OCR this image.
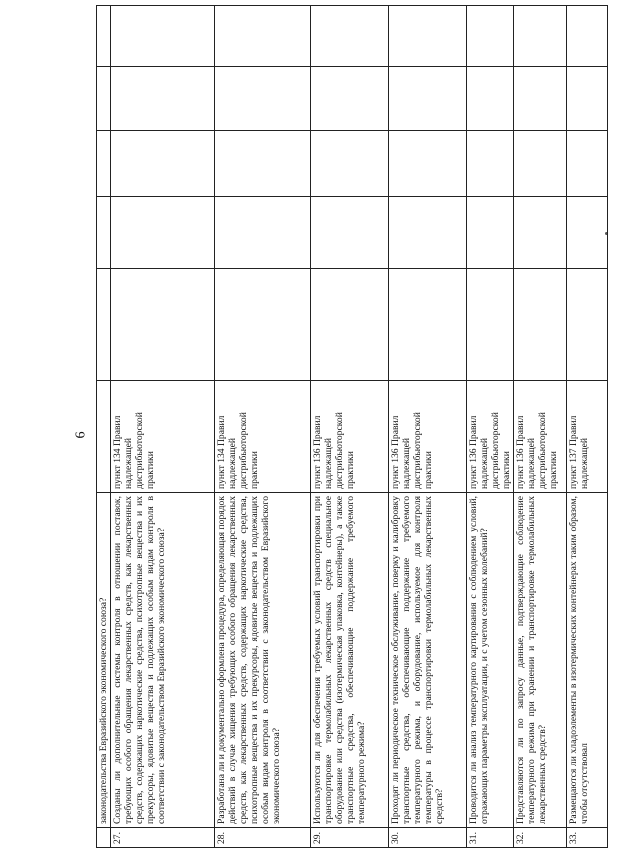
6
	законодательства Евразийского экономического союза?						
27.	Созданы ли дополнительные системы контроля в отношении поставок, требующих особого обращения лекарственных средств, как лекарственных средств, содержащих наркотические средства, психотропные вещества и их прекурсоры, ядовитые вещества и подлежащих особым видам контроля в соответствии с законодательством Евразийского экономического союза?	пункт 134 Правил надлежащей дистрибьюторской практики					
28.	Разработана ли и документально оформлена процедура, определяющая порядок действий в случае хищения требующих особого обращения лекарственных средств, как лекарственных средств, содержащих наркотические средства, психотропные вещества и их прекурсоры, ядовитые вещества и подлежащих особым видам контроля в соответствии с законодательством Евразийского экономического союза?	пункт 134 Правил надлежащей дистрибьюторской практики					
29.	Используются ли для обеспечения требуемых условий транспортировки при транспортировке термолабильных лекарственных средств специальное оборудование или средства (изотермическая упаковка, контейнеры), а также транспортные средства, обеспечивающие поддержание требуемого температурного режима?	пункт 136 Правил надлежащей дистрибьюторской практики					
30.	Проходят ли периодическое техническое обслуживание, поверку и калибровку транспортные средства, обеспечивающие поддержание требуемого температурного режима, и оборудование, используемое для контроля температуры в процессе транспортировки термолабильных лекарственных средств?	пункт 136 Правил надлежащей дистрибьюторской практики					
31.	Проводится ли анализ температурного картирования с соблюдением условий, отражающих параметры эксплуатации, и с учетом сезонных колебаний?	пункт 136 Правил надлежащей дистрибьюторской практики					
32.	Представляются ли по запросу данные, подтверждающие соблюдение температурного режима при хранении и транспортировке термолабильных лекарственных средств?	пункт 136 Правил надлежащей дистрибьюторской практики					
33.	Размещаются ли хладоэлементы в изотермических контейнерах таким образом, чтобы отсутствовал	пункт 137 Правил надлежащей					
